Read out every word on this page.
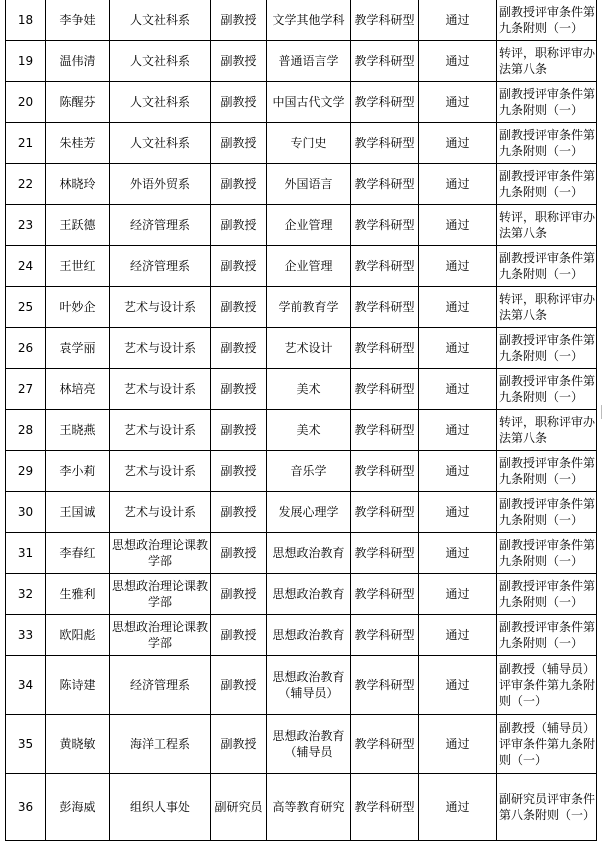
18	李争娃	人文社科系	副教授	文学其他学科	教学科研型	通过	副教授评审条件第九条附则（一）
19	温伟清	人文社科系	副教授	普通语言学	教学科研型	通过	转评，职称评审办法第八条
20	陈醒芬	人文社科系	副教授	中国古代文学	教学科研型	通过	副教授评审条件第九条附则（一）
21	朱桂芳	人文社科系	副教授	专门史	教学科研型	通过	副教授评审条件第九条附则（一）
22	林晓玲	外语外贸系	副教授	外国语言	教学科研型	通过	副教授评审条件第九条附则（一）
23	王跃德	经济管理系	副教授	企业管理	教学科研型	通过	转评，职称评审办法第八条
24	王世红	经济管理系	副教授	企业管理	教学科研型	通过	副教授评审条件第九条附则（一）
25	叶妙企	艺术与设计系	副教授	学前教育学	教学科研型	通过	转评，职称评审办法第八条
26	袁学丽	艺术与设计系	副教授	艺术设计	教学科研型	通过	副教授评审条件第九条附则（一）
27	林培亮	艺术与设计系	副教授	美术	教学科研型	通过	副教授评审条件第九条附则（一）
28	王晓燕	艺术与设计系	副教授	美术	教学科研型	通过	转评，职称评审办法第八条
29	李小莉	艺术与设计系	副教授	音乐学	教学科研型	通过	副教授评审条件第九条附则（一）
30	王国诚	艺术与设计系	副教授	发展心理学	教学科研型	通过	副教授评审条件第九条附则（一）
31	李春红	思想政治理论课教学部	副教授	思想政治教育	教学科研型	通过	副教授评审条件第九条附则（一）
32	生雅利	思想政治理论课教学部	副教授	思想政治教育	教学科研型	通过	副教授评审条件第九条附则（一）
33	欧阳彪	思想政治理论课教学部	副教授	思想政治教育	教学科研型	通过	副教授评审条件第九条附则（一）
34	陈诗建	经济管理系	副教授	思想政治教育（辅导员）	教学科研型	通过	副教授（辅导员）评审条件第九条附则（一）
35	黄晓敏	海洋工程系	副教授	思想政治教育（辅导员	教学科研型	通过	副教授（辅导员）评审条件第九条附则（一）
36	彭海威	组织人事处	副研究员	高等教育研究	教学科研型	通过	副研究员评审条件第八条附则（一）
